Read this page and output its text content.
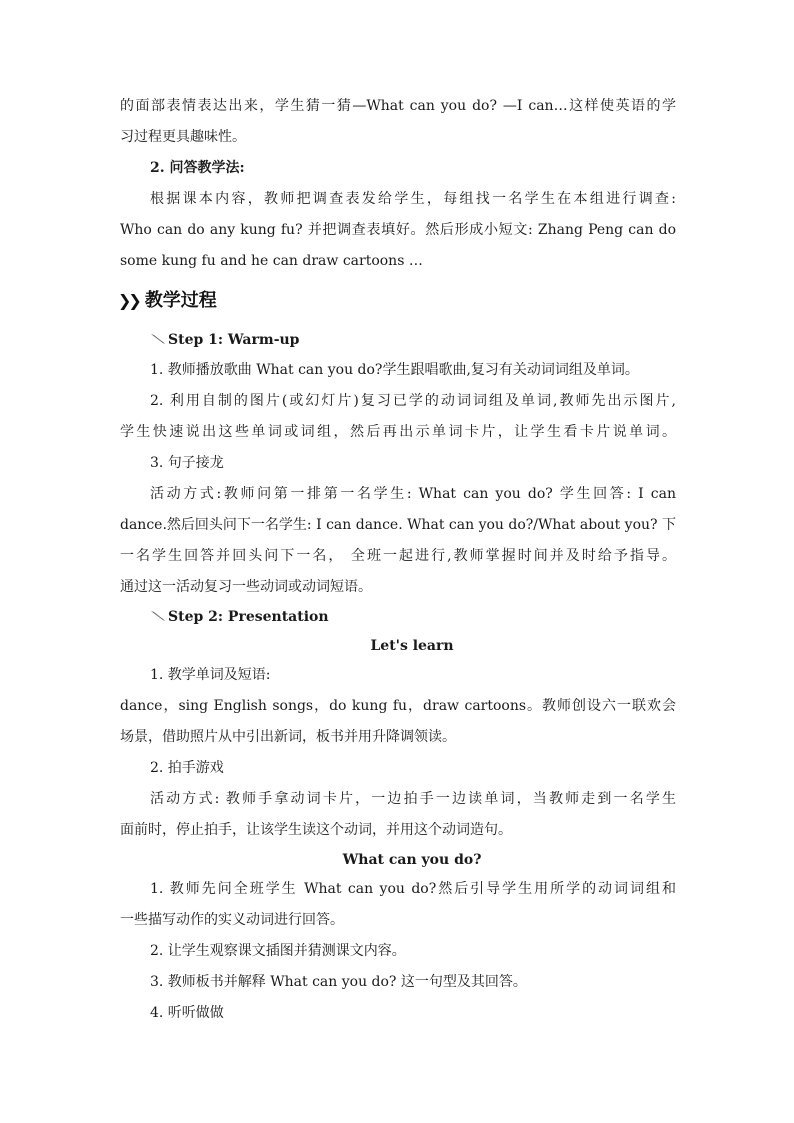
的面部表情表达出来，学生猜一猜—What can you do? —I can…这样使英语的学
习过程更具趣味性。
2. 问答教学法:
根据课本内容，教师把调查表发给学生，每组找一名学生在本组进行调查:
Who can do any kung fu? 并把调查表填好。然后形成小短文: Zhang Peng can do
some kung fu and he can draw cartoons …
❯❯ 教学过程
Step 1: Warm-up
1. 教师播放歌曲 What can you do?学生跟唱歌曲,复习有关动词词组及单词。
2. 利用自制的图片(或幻灯片)复习已学的动词词组及单词,教师先出示图片,
学生快速说出这些单词或词组，然后再出示单词卡片，让学生看卡片说单词。
3. 句子接龙
活动方式:教师问第一排第一名学生: What can you do? 学生回答: I can
dance.然后回头问下一名学生: I can dance. What can you do?/What about you? 下
一名学生回答并回头问下一名， 全班一起进行,教师掌握时间并及时给予指导。
通过这一活动复习一些动词或动词短语。
Step 2: Presentation
Let's learn
1. 教学单词及短语:
dance，sing English songs，do kung fu，draw cartoons。教师创设六一联欢会
场景，借助照片从中引出新词，板书并用升降调领读。
2. 拍手游戏
活动方式: 教师手拿动词卡片，一边拍手一边读单词，当教师走到一名学生
面前时，停止拍手，让该学生读这个动词，并用这个动词造句。
What can you do?
1. 教师先问全班学生 What can you do?然后引导学生用所学的动词词组和
一些描写动作的实义动词进行回答。
2. 让学生观察课文插图并猜测课文内容。
3. 教师板书并解释 What can you do? 这一句型及其回答。
4. 听听做做
